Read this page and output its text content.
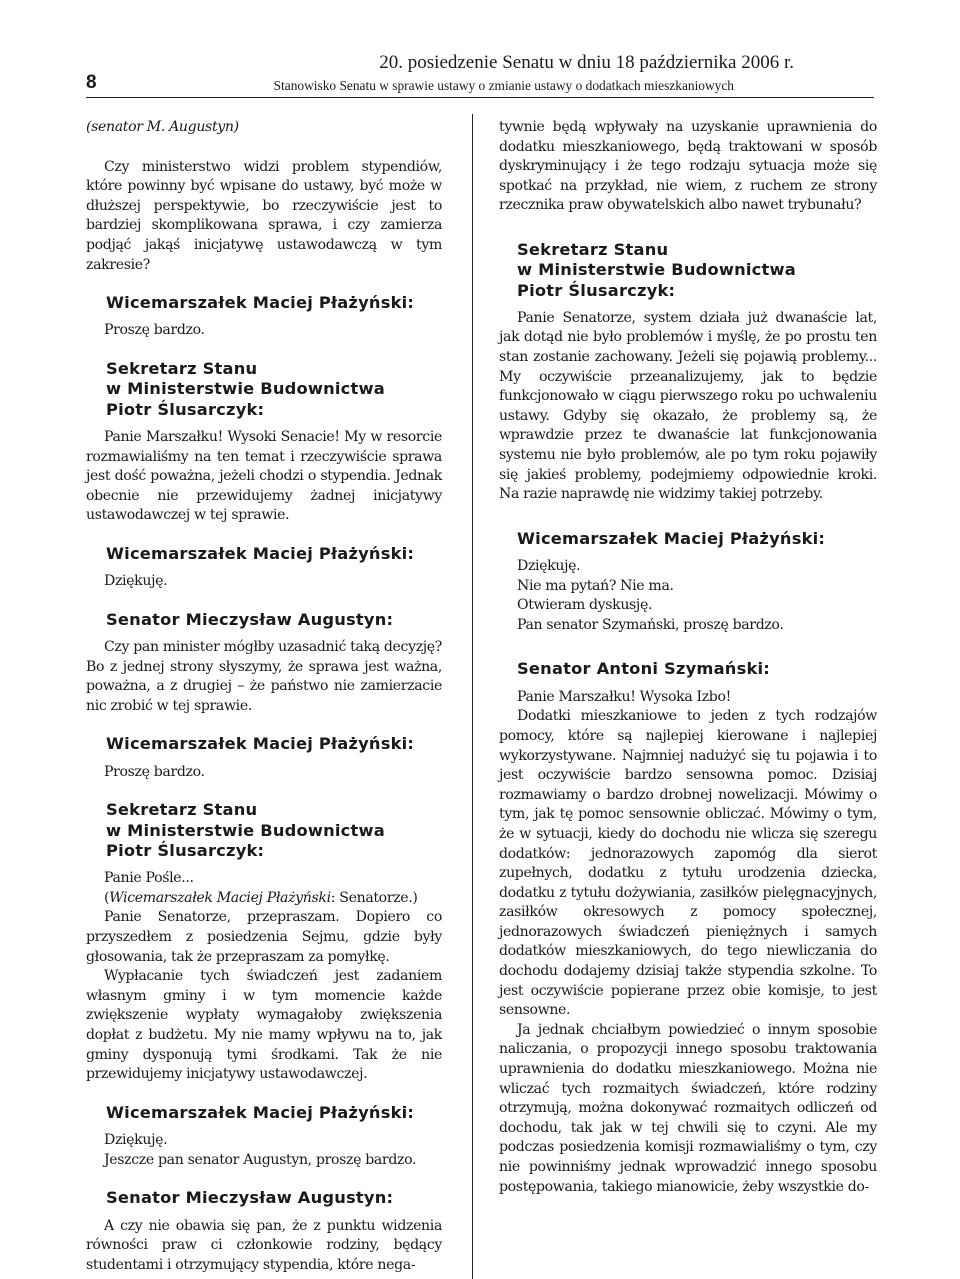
8
20. posiedzenie Senatu w dniu 18 października 2006 r.
Stanowisko Senatu w sprawie ustawy o zmianie ustawy o dodatkach mieszkaniowych

(senator M. Augustyn)

Czy ministerstwo widzi problem stypendiów, które powinny być wpisane do ustawy, być może w dłuższej perspektywie, bo rzeczywiście jest to bardziej skomplikowana sprawa, i czy zamierza podjąć jakąś inicjatywę ustawodawczą w tym zakresie?

Wicemarszałek Maciej Płażyński:

Proszę bardzo.

Sekretarz Stanu
w Ministerstwie Budownictwa
Piotr Ślusarczyk:

Panie Marszałku! Wysoki Senacie! My w resorcie rozmawialiśmy na ten temat i rzeczywiście sprawa jest dość poważna, jeżeli chodzi o stypendia. Jednak obecnie nie przewidujemy żadnej inicjatywy ustawodawczej w tej sprawie.

Wicemarszałek Maciej Płażyński:

Dziękuję.

Senator Mieczysław Augustyn:

Czy pan minister mógłby uzasadnić taką decyzję? Bo z jednej strony słyszymy, że sprawa jest ważna, poważna, a z drugiej – że państwo nie zamierzacie nic zrobić w tej sprawie.

Wicemarszałek Maciej Płażyński:

Proszę bardzo.

Sekretarz Stanu
w Ministerstwie Budownictwa
Piotr Ślusarczyk:

Panie Pośle...

(Wicemarszałek Maciej Płażyński: Senatorze.)

Panie Senatorze, przepraszam. Dopiero co przyszedłem z posiedzenia Sejmu, gdzie były głosowania, tak że przepraszam za pomyłkę.

Wypłacanie tych świadczeń jest zadaniem własnym gminy i w tym momencie każde zwiększenie wypłaty wymagałoby zwiększenia dopłat z budżetu. My nie mamy wpływu na to, jak gminy dysponują tymi środkami. Tak że nie przewidujemy inicjatywy ustawodawczej.

Wicemarszałek Maciej Płażyński:

Dziękuję.

Jeszcze pan senator Augustyn, proszę bardzo.

Senator Mieczysław Augustyn:

A czy nie obawia się pan, że z punktu widzenia równości praw ci członkowie rodziny, będący studentami i otrzymujący stypendia, które nega-

tywnie będą wpływały na uzyskanie uprawnienia do dodatku mieszkaniowego, będą traktowani w sposób dyskryminujący i że tego rodzaju sytuacja może się spotkać na przykład, nie wiem, z ruchem ze strony rzecznika praw obywatelskich albo nawet trybunału?

Sekretarz Stanu
w Ministerstwie Budownictwa
Piotr Ślusarczyk:

Panie Senatorze, system działa już dwanaście lat, jak dotąd nie było problemów i myślę, że po prostu ten stan zostanie zachowany. Jeżeli się pojawią problemy... My oczywiście przeanalizujemy, jak to będzie funkcjonowało w ciągu pierwszego roku po uchwaleniu ustawy. Gdyby się okazało, że problemy są, że wprawdzie przez te dwanaście lat funkcjonowania systemu nie było problemów, ale po tym roku pojawiły się jakieś problemy, podejmiemy odpowiednie kroki. Na razie naprawdę nie widzimy takiej potrzeby.

Wicemarszałek Maciej Płażyński:

Dziękuję.

Nie ma pytań? Nie ma.

Otwieram dyskusję.

Pan senator Szymański, proszę bardzo.

Senator Antoni Szymański:

Panie Marszałku! Wysoka Izbo!

Dodatki mieszkaniowe to jeden z tych rodzajów pomocy, które są najlepiej kierowane i najlepiej wykorzystywane. Najmniej nadużyć się tu pojawia i to jest oczywiście bardzo sensowna pomoc. Dzisiaj rozmawiamy o bardzo drobnej nowelizacji. Mówimy o tym, jak tę pomoc sensownie obliczać. Mówimy o tym, że w sytuacji, kiedy do dochodu nie wlicza się szeregu dodatków: jednorazowych zapomóg dla sierot zupełnych, dodatku z tytułu urodzenia dziecka, dodatku z tytułu dożywiania, zasiłków pielęgnacyjnych, zasiłków okresowych z pomocy społecznej, jednorazowych świadczeń pieniężnych i samych dodatków mieszkaniowych, do tego niewliczania do dochodu dodajemy dzisiaj także stypendia szkolne. To jest oczywiście popierane przez obie komisje, to jest sensowne.

Ja jednak chciałbym powiedzieć o innym sposobie naliczania, o propozycji innego sposobu traktowania uprawnienia do dodatku mieszkaniowego. Można nie wliczać tych rozmaitych świadczeń, które rodziny otrzymują, można dokonywać rozmaitych odliczeń od dochodu, tak jak w tej chwili się to czyni. Ale my podczas posiedzenia komisji rozmawialiśmy o tym, czy nie powinniśmy jednak wprowadzić innego sposobu postępowania, takiego mianowicie, żeby wszystkie do-
